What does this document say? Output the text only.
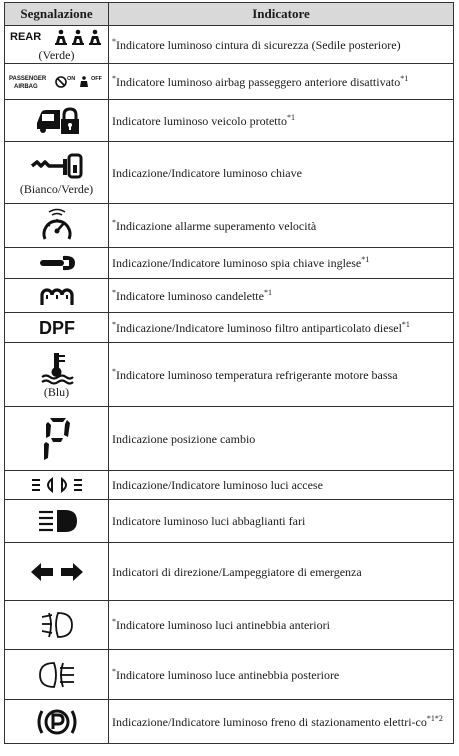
Segnalazione	Indicatore

REAR
(Verde)	*Indicatore luminoso cintura di sicurezza (Sedile posteriore)

PASSENGER
AIRBAG
ON OFF	*Indicatore luminoso airbag passeggero anteriore disattivato$^{*1}$

	Indicatore luminoso veicolo protetto$^{*1}$

(Bianco/Verde)	Indicazione/Indicatore luminoso chiave

	*Indicazione allarme superamento velocità

	Indicazione/Indicatore luminoso spia chiave inglese$^{*1}$

	*Indicatore luminoso candelette$^{*1}$

DPF	*Indicazione/Indicatore luminoso filtro antiparticolato diesel$^{*1}$

(Blu)	*Indicatore luminoso temperatura refrigerante motore bassa

	Indicazione posizione cambio

	Indicazione/Indicatore luminoso luci accese

	Indicatore luminoso luci abbaglianti fari

	Indicatori di direzione/Lampeggiatore di emergenza

	*Indicatore luminoso luci antinebbia anteriori

	*Indicatore luminoso luce antinebbia posteriore

	Indicazione/Indicatore luminoso freno di stazionamento elettri-$co^{*1*2}$
